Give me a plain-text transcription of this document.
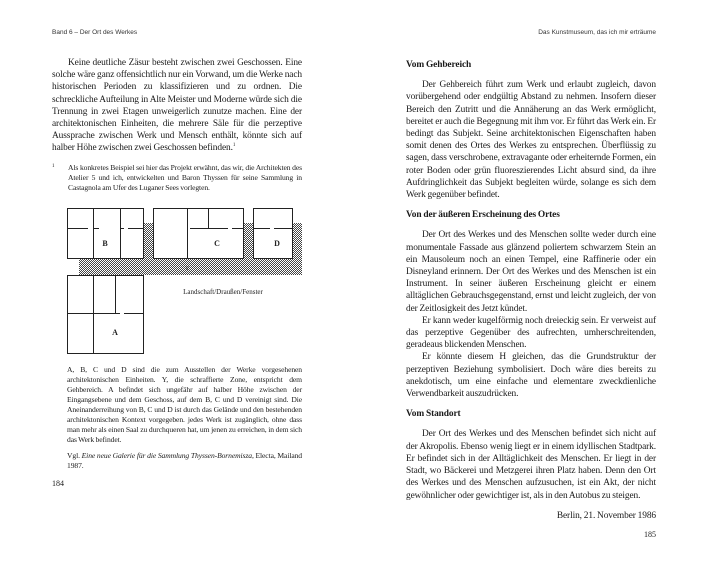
Band 6 – Der Ort des Werkes

Keine deutliche Zäsur besteht zwischen zwei Geschossen. Eine solche wäre ganz offensichtlich nur ein Vorwand, um die Werke nach historischen Perioden zu klassifizieren und zu ordnen. Die schreckliche Aufteilung in Alte Meister und Moderne würde sich die Trennung in zwei Etagen unweigerlich zunutze machen. Eine der architektonischen Einheiten, die mehrere Säle für die perzeptive Aussprache zwischen Werk und Mensch enthält, könnte sich auf halber Höhe zwischen zwei Geschossen befinden.$^1$

1	Als konkretes Beispiel sei hier das Projekt erwähnt, das wir, die Architekten des Atelier 5 und ich, entwickelten und Baron Thyssen für seine Sammlung in Castagnola am Ufer des Luganer Sees vorlegten.
B	C	D
A
Y
Landschaft/Draußen/Fenster
A, B, C und D sind die zum Ausstellen der Werke vorgesehenen architektonischen Einheiten. Y, die schraffierte Zone, entspricht dem Gehbereich. A befindet sich ungefähr auf halber Höhe zwischen der Eingangsebene und dem Geschoss, auf dem B, C und D vereinigt sind. Die Aneinanderreihung von B, C und D ist durch das Gelände und den bestehenden architektonischen Kontext vorgegeben. jedes Werk ist zugänglich, ohne dass man mehr als einen Saal zu durchqueren hat, um jenen zu erreichen, in dem sich das Werk befindet.
Vgl. Eine neue Galerie für die Sammlung Thyssen-Bornemisza, Electa, Mailand 1987.
184
Das Kunstmuseum, das ich mir erträume
Vom Gehbereich

Der Gehbereich führt zum Werk und erlaubt zugleich, davon vorübergehend oder endgültig Abstand zu nehmen. Insofern dieser Bereich den Zutritt und die Annäherung an das Werk ermöglicht, bereitet er auch die Begegnung mit ihm vor. Er führt das Werk ein. Er bedingt das Subjekt. Seine architektonischen Eigenschaften haben somit denen des Ortes des Werkes zu entsprechen. Überflüssig zu sagen, dass verschrobene, extravagante oder erheiternde Formen, ein roter Boden oder grün fluoreszierendes Licht absurd sind, da ihre Aufdringlichkeit das Subjekt begleiten würde, solange es sich dem Werk gegenüber befindet.

Von der äußeren Erscheinung des Ortes

Der Ort des Werkes und des Menschen sollte weder durch eine monumentale Fassade aus glänzend poliertem schwarzem Stein an ein Mausoleum noch an einen Tempel, eine Raffinerie oder ein Disneyland erinnern. Der Ort des Werkes und des Menschen ist ein Instrument. In seiner äußeren Erscheinung gleicht er einem alltäglichen Gebrauchsgegenstand, ernst und leicht zugleich, der von der Zeitlosigkeit des Jetzt kündet.

Er kann weder kugelförmig noch dreieckig sein. Er verweist auf das perzeptive Gegenüber des aufrechten, umherschreitenden, geradeaus blickenden Menschen.

Er könnte diesem H gleichen, das die Grundstruktur der perzeptiven Beziehung symbolisiert. Doch wäre dies bereits zu anekdotisch, um eine einfache und elementare zweckdienliche Verwendbarkeit auszudrücken.

Vom Standort

Der Ort des Werkes und des Menschen befindet sich nicht auf der Akropolis. Ebenso wenig liegt er in einem idyllischen Stadtpark. Er befindet sich in der Alltäglichkeit des Menschen. Er liegt in der Stadt, wo Bäckerei und Metzgerei ihren Platz haben. Denn den Ort des Werkes und des Menschen aufzusuchen, ist ein Akt, der nicht gewöhnlicher oder gewichtiger ist, als in den Autobus zu steigen.

Berlin, 21. November 1986

185
